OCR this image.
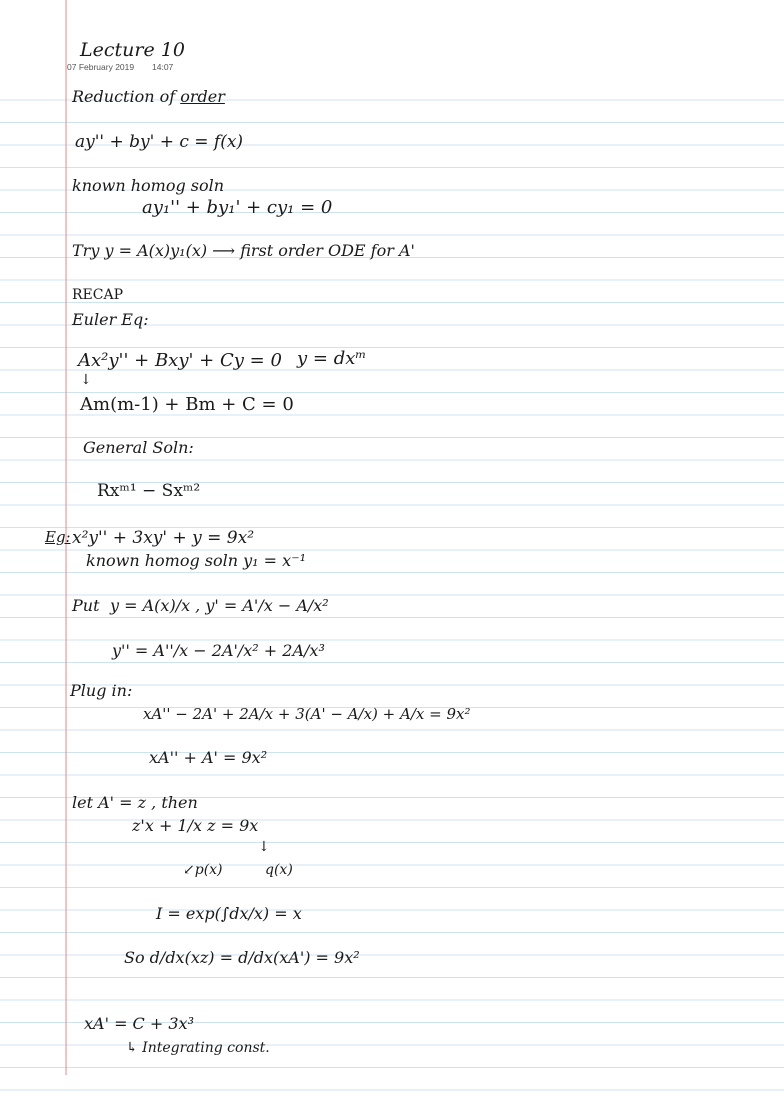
Lecture 10
07 February 2019 14:07
Reduction of order
ay'' + by' + c = f(x)
known homog soln
ay₁'' + by₁' + cy₁ = 0
Try y = A(x)y₁(x) ⟶ first order ODE for A'
RECAP
Euler Eq:
Ax²y'' + Bxy' + Cy = 0 y = dxᵐ
↓
Am(m-1) + Bm + C = 0
General Soln:
Rxᵐ¹ − Sxᵐ²
Eg: x²y'' + 3xy' + y = 9x²
known homog soln y₁ = x⁻¹
Put y = A(x)/x , y' = A'/x − A/x²
y'' = A''/x − 2A'/x² + 2A/x³
Plug in:
xA'' − 2A' + 2A/x + 3(A' − A/x) + A/x = 9x²
xA'' + A' = 9x²
let A' = z , then
z'x + 1/x z = 9x
↙p(x)
↓
q(x)
I = exp(∫dx/x) = x
So d/dx(xz) = d/dx(xA') = 9x²
xA' = C + 3x³
↳ Integrating const.
